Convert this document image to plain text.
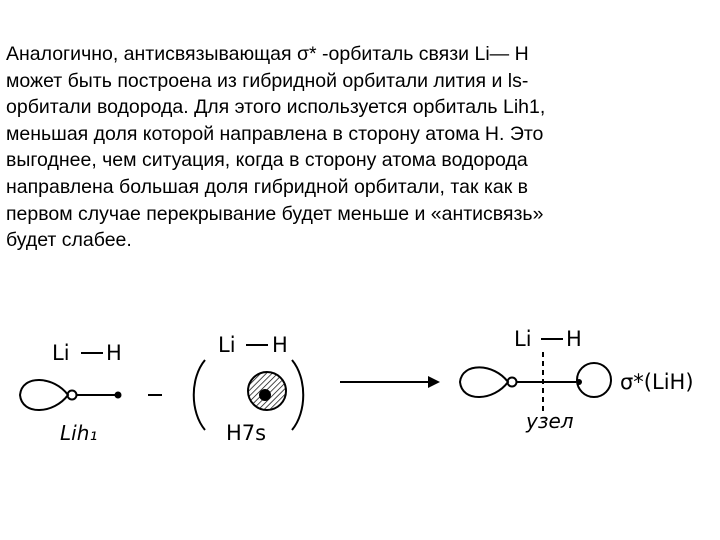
Аналогично, антисвязывающая σ* -орбиталь связи Li— Н
может быть построена из гибридной орбитали лития и ls-
орбитали водорода. Для этого используется орбиталь Lih1,
меньшая доля которой направлена в сторону атома Н. Это
выгоднее, чем ситуация, когда в сторону атома водорода
направлена большая доля гибридной орбитали, так как в
первом случае перекрывание будет меньше и «антисвязь»
будет слабее.

Li H
Lih₁
Li H
H7s
Li H
узел
σ*(LiH)
